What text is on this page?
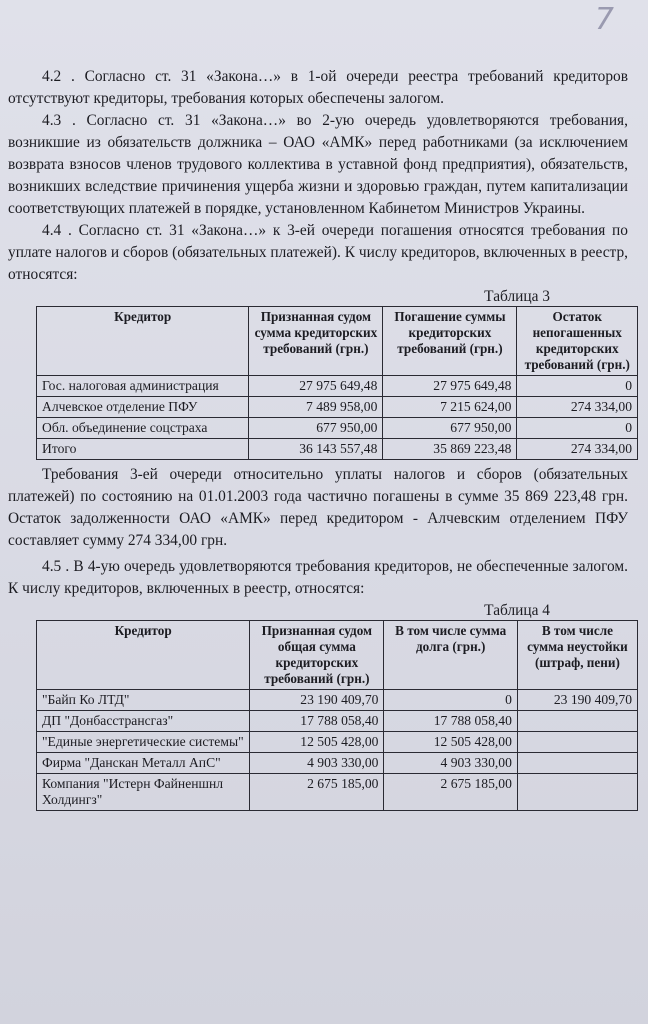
7

4.2 . Согласно ст. 31 «Закона…» в 1-ой очереди реестра требований кредиторов отсутствуют кредиторы, требования которых обеспечены залогом.

4.3 . Согласно ст. 31 «Закона…» во 2-ую очередь удовлетворяются требования, возникшие из обязательств должника – ОАО «АМК» перед работниками (за исключением возврата взносов членов трудового коллектива в уставной фонд предприятия), обязательств, возникших вследствие причинения ущерба жизни и здоровью граждан, путем капитализации соответствующих платежей в порядке, установленном Кабинетом Министров Украины.

4.4 . Согласно ст. 31 «Закона…» к 3-ей очереди погашения относятся требования по уплате налогов и сборов (обязательных платежей). К числу кредиторов, включенных в реестр, относятся:

Таблица 3
Кредитор	Признанная судом сумма кредиторских требований (грн.)	Погашение суммы кредиторских требований (грн.)	Остаток непогашенных кредиторских требований (грн.)
Гос. налоговая администрация	27 975 649,48	27 975 649,48	0
Алчевское отделение ПФУ	7 489 958,00	7 215 624,00	274 334,00
Обл. объединение соцстраха	677 950,00	677 950,00	0
Итого	36 143 557,48	35 869 223,48	274 334,00

Требования 3-ей очереди относительно уплаты налогов и сборов (обязательных платежей) по состоянию на 01.01.2003 года частично погашены в сумме 35 869 223,48 грн. Остаток задолженности ОАО «АМК» перед кредитором - Алчевским отделением ПФУ составляет сумму 274 334,00 грн.

4.5 . В 4-ую очередь удовлетворяются требования кредиторов, не обеспеченные залогом. К числу кредиторов, включенных в реестр, относятся:

Таблица 4
Кредитор	Признанная судом общая сумма кредиторских требований (грн.)	В том числе сумма долга (грн.)	В том числе сумма неустойки (штраф, пени)
"Байп Ко ЛТД"	23 190 409,70	0	23 190 409,70
ДП "Донбасстрансгаз"	17 788 058,40	17 788 058,40	
"Единые энергетические системы"	12 505 428,00	12 505 428,00	
Фирма "Данскан Металл АпС"	4 903 330,00	4 903 330,00	
Компания "Истерн Файненшнл Холдингз"	2 675 185,00	2 675 185,00	
